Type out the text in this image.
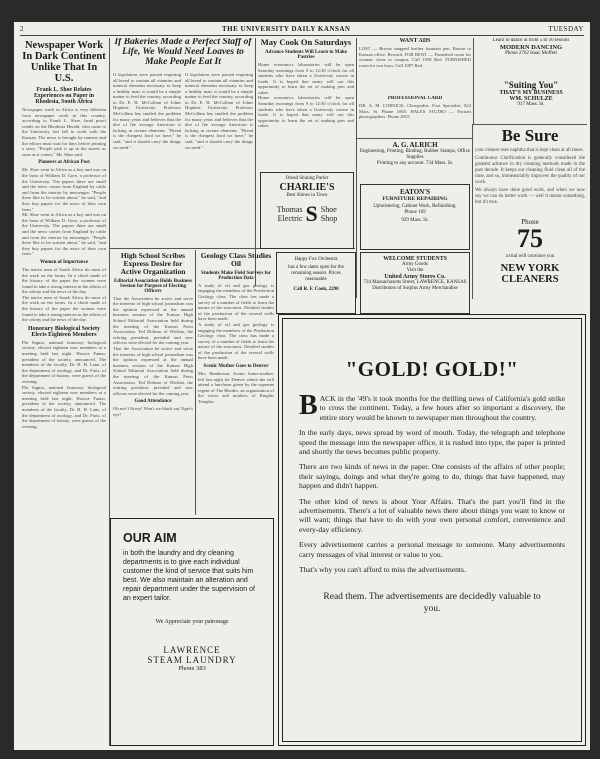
2	THE UNIVERSITY DAILY KANSAN	TUESDAY
Newspaper Work In Dark Continent Unlike That In U.S.
Frank L. Shoe Relates Experiences on Paper in Rhodesia, South Africa
Newspaper work in Africa is very different from newspaper work in this country, according to Frank L. Shoe, head proof reader on the Rhodesia Herald, who came to the University last fall to work with the Kansan. The news is brought by runners and the editors must wait for days before printing a story. "People pick it up in the streets as soon as it comes," Mr. Shoe said.
Pioneers at African Post
Mr. Shoe went to Africa as a boy and was on the farm of William D. Gore, a professor of the University. The papers there are small and the news comes from England by cable and from the interior by messenger. "People there like to be written about," he said, "and they buy papers for the news of their own farm."
Mr. Shoe went to Africa as a boy and was on the farm of William D. Gore, a professor of the University. The papers there are small and the news comes from England by cable and from the interior by messenger. "People there like to be written about," he said, "and they buy papers for the news of their own farm."
Women of Importance
The native men of South Africa do most of the work on the farms. In a check made of the history of the paper the women were found to take a strong interest in the affairs of the colony and the news of the day.
The native men of South Africa do most of the work on the farms. In a check made of the history of the paper the women were found to take a strong interest in the affairs of the colony and the news of the day.
Honorary Biological Society Elects Eighteen Members
Phi Sigma, national honorary biological society, elected eighteen new members at a meeting held last night. Horace Fanno, president of the society, announced. The members of the faculty, Dr. H. H. Lane, of the department of zoology, and Dr. Faris, of the department of botany, were guests of the evening.
Phi Sigma, national honorary biological society, elected eighteen new members at a meeting held last night. Horace Fanno, president of the society, announced. The members of the faculty, Dr. H. H. Lane, of the department of zoology, and Dr. Faris, of the department of botany, were guests of the evening.
If Bakeries Made a Perfect Staff of Life, We Would Need Loaves to Make People Eat It
If legislation were passed requiring all bread to contain all vitamins and mineral elements necessary to keep a healthy man, it would be a simple matter to feed the country, according to Dr. E. H. McCollum of Johns Hopkins University. Professor McCollum has studied the problem for many years and believes that the diet of the average American is lacking in certain elements. "Bread is the cheapest food we have," he said, "and it should carry the things we need."
If legislation were passed requiring all bread to contain all vitamins and mineral elements necessary to keep a healthy man, it would be a simple matter to feed the country, according to Dr. E. H. McCollum of Johns Hopkins University. Professor McCollum has studied the problem for many years and believes that the diet of the average American is lacking in certain elements. "Bread is the cheapest food we have," he said, "and it should carry the things we need."
High School Scribes Express Desire for Active Organization
Editorial Association Holds Business Session for Purpose of Electing Officers
That the Association be active and serve the interests of high school journalism was the opinion expressed at the annual business session of the Kansas High School Editorial Association held during the meeting of the Kansas Press Association. Ted Dobson of Wichita, the retiring president, presided and new officers were elected for the coming year.
That the Association be active and serve the interests of high school journalism was the opinion expressed at the annual business session of the Kansas High School Editorial Association held during the meeting of the Kansas Press Association. Ted Dobson of Wichita, the retiring president, presided and new officers were elected for the coming year.
Good Attendance
Oh me! Oh my! Won't we black out Tiger's eye!
Geology Class Studies Oil
Students Make Field Surveys for Production Data
A study of oil and gas geology is engaging the members of the Production Geology class. The class has made a survey of a number of fields to learn the nature of the structures. Detailed studies of the production of the several wells have been made.
A study of oil and gas geology is engaging the members of the Production Geology class. The class has made a survey of a number of fields to learn the nature of the structures. Detailed studies of the production of the several wells have been made.
Scenic Mother Goes to Denver
Mrs. Henderson, Scenic home-mother, left last night for Denver where she will attend a luncheon given by the supreme regent of The Rhodes, an organization of the wives and mothers of Knights Templar.
May Cook On Saturdays
Advance Students Will Learn to Make Pastries
Home economics laboratories will be open Saturday mornings from 9 to 12:30 o'clock for all students who have taken a University course in foods. It is hoped that many will use this opportunity to learn the art of making pies and cakes.
Home economics laboratories will be open Saturday mornings from 9 to 12:30 o'clock for all students who have taken a University course in foods. It is hoped that many will use this opportunity to learn the art of making pies and cakes.
Oread Shining Parlor
CHARLIE'S
Best Shines in Town
Thomas
Electric S Shoe
Shop
Happy Fox Orchestra
has a few dates open for the remaining season. Prices reasonable
Call R. F. Cook, 2290
WANT ADS
LOST — Brown snapped leather fountain pen. Return to Kansan office. Reward. FOR RENT — Furnished room for woman, close to campus. Call 1958 Red. FURNISHED room for two boys. Call 1097 Red.
PROFESSIONAL CARD
DR. A. M. CORNICK, Chiropodist. Foot Specialist. 824 Mass. St. Phone 1065. HALES STUDIO — Portrait photographers. Phone 2015.
A. G. ALRICH
Engineering, Printing, Binding, Rubber Stamps, Office Supplies
Printing to any account. 734 Mass. St.
EATON'S
FURNITURE REPAIRING
Upholstering, Cabinet Work, Refinishing. Phone 169
929 Mass. St.
WELCOME STUDENTS
Army Goods
Visit the
United Army Stores Co.
734 Massachusetts Street, LAWRENCE, KANSAS
Distributors of Surplus Army Merchandise
Learn to dance in from 5 to 10 lessons
MODERN DANCING
Phone 2762 Isaac Moffett
"Suiting You"
THAT'S MY BUSINESS
WM. SCHULZE
917 Mass. St.
Be Sure
your cleaner uses naphtha that is kept clean at all times.
Continuous Clarification is generally considered the greatest advance in dry cleaning methods made in the past decade. It keeps our cleaning fluid clean all of the time, and so, immeasurably improves the quality of our work.
We always have done good work, and when we now say we can do better work — well it means something, but it's true.
Phone
75
a trial will convince you
NEW YORK CLEANERS
"GOLD! GOLD!"
B ACK in the '49's it took months for the thrilling news of California's gold strike to cross the continent. Today, a few hours after so important a discovery, the entire story would be known to newspaper men throughout the country.
In the early days, news spread by word of mouth. Today, the telegraph and telephone speed the message into the newspaper office, it is rushed into type, the paper is printed and shortly the news becomes public property.
There are two kinds of news in the paper. One consists of the affairs of other people; their sayings, doings and what they're going to do, things that have happened, may happen and didn't happen.
The other kind of news is about Your Affairs. That's the part you'll find in the advertisements. There's a lot of valuable news there about things you want to know or will want; things that have to do with your own personal comfort, convenience and every-day efficiency.
Every advertisement carries a personal message to someone. Many advertisements carry messages of vital interest or value to you.
That's why you can't afford to miss the advertisements.
Read them. The advertisements are decidedly valuable to you.
OUR AIM
in both the laundry and dry cleaning departments is to give each individual customer the kind of service that suits him best. We also maintain an alteration and repair department under the supervision of an expert tailor.
We Appreciate your patronage
LAWRENCE
STEAM LAUNDRY
Phone 383
